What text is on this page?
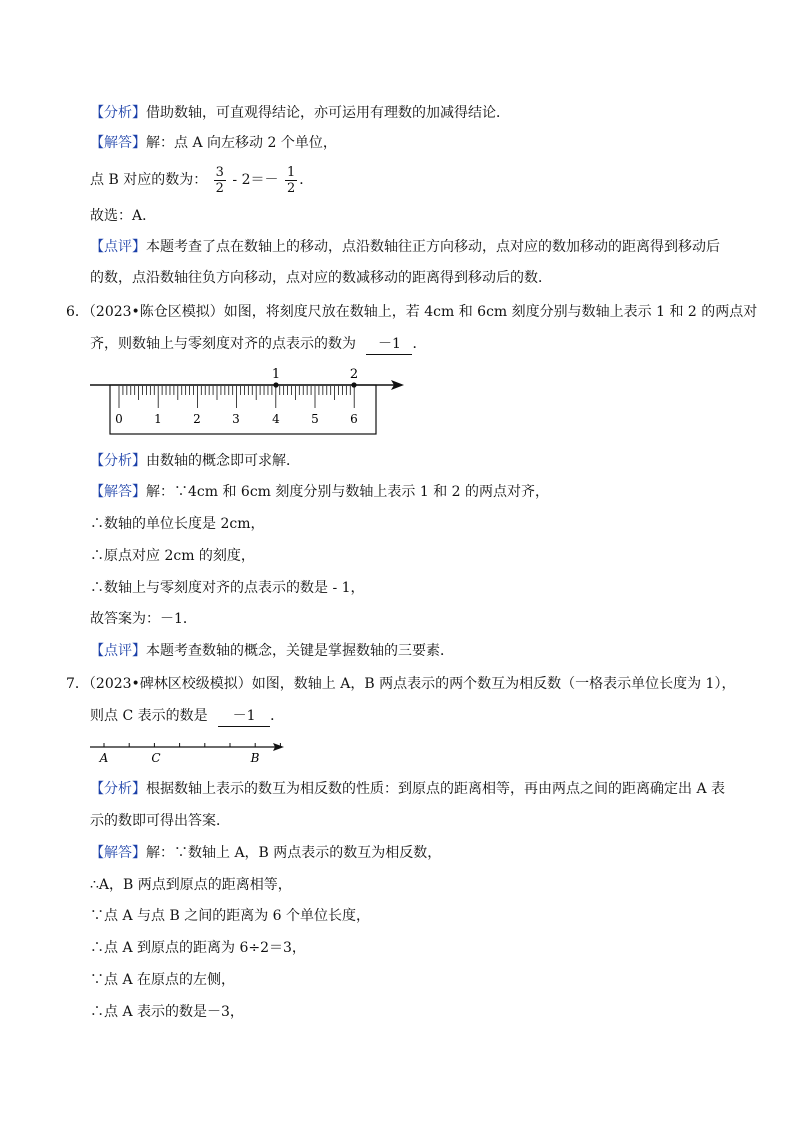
【分析】借助数轴，可直观得结论，亦可运用有理数的加减得结论．
【解答】解：点 A 向左移动 2 个单位，
点 B 对应的数为： $\frac{3}{2} - 2=- \frac{1}{2}$ ．
故选：A．
【点评】本题考查了点在数轴上的移动，点沿数轴往正方向移动，点对应的数加移动的距离得到移动后
的数，点沿数轴往负方向移动，点对应的数减移动的距离得到移动后的数．
6．（2023•陈仓区模拟）如图，将刻度尺放在数轴上，若 4cm 和 6cm 刻度分别与数轴上表示 1 和 2 的两点对
齐，则数轴上与零刻度对齐的点表示的数为 －1 ．
0	1	2	3	4	5	6
1	2
【分析】由数轴的概念即可求解．
【解答】解：∵4cm 和 6cm 刻度分别与数轴上表示 1 和 2 的两点对齐，
∴数轴的单位长度是 2cm，
∴原点对应 2cm 的刻度，
∴数轴上与零刻度对齐的点表示的数是 - 1，
故答案为：－1．
【点评】本题考查数轴的概念，关键是掌握数轴的三要素．
7．（2023•碑林区校级模拟）如图，数轴上 A，B 两点表示的两个数互为相反数（一格表示单位长度为 1），
则点 C 表示的数是 －1 ．
A	C	B
【分析】根据数轴上表示的数互为相反数的性质：到原点的距离相等，再由两点之间的距离确定出 A 表
示的数即可得出答案．
【解答】解：∵数轴上 A，B 两点表示的数互为相反数，
∴A，B 两点到原点的距离相等，
∵点 A 与点 B 之间的距离为 6 个单位长度，
∴点 A 到原点的距离为 6÷2＝3，
∵点 A 在原点的左侧，
∴点 A 表示的数是－3，
